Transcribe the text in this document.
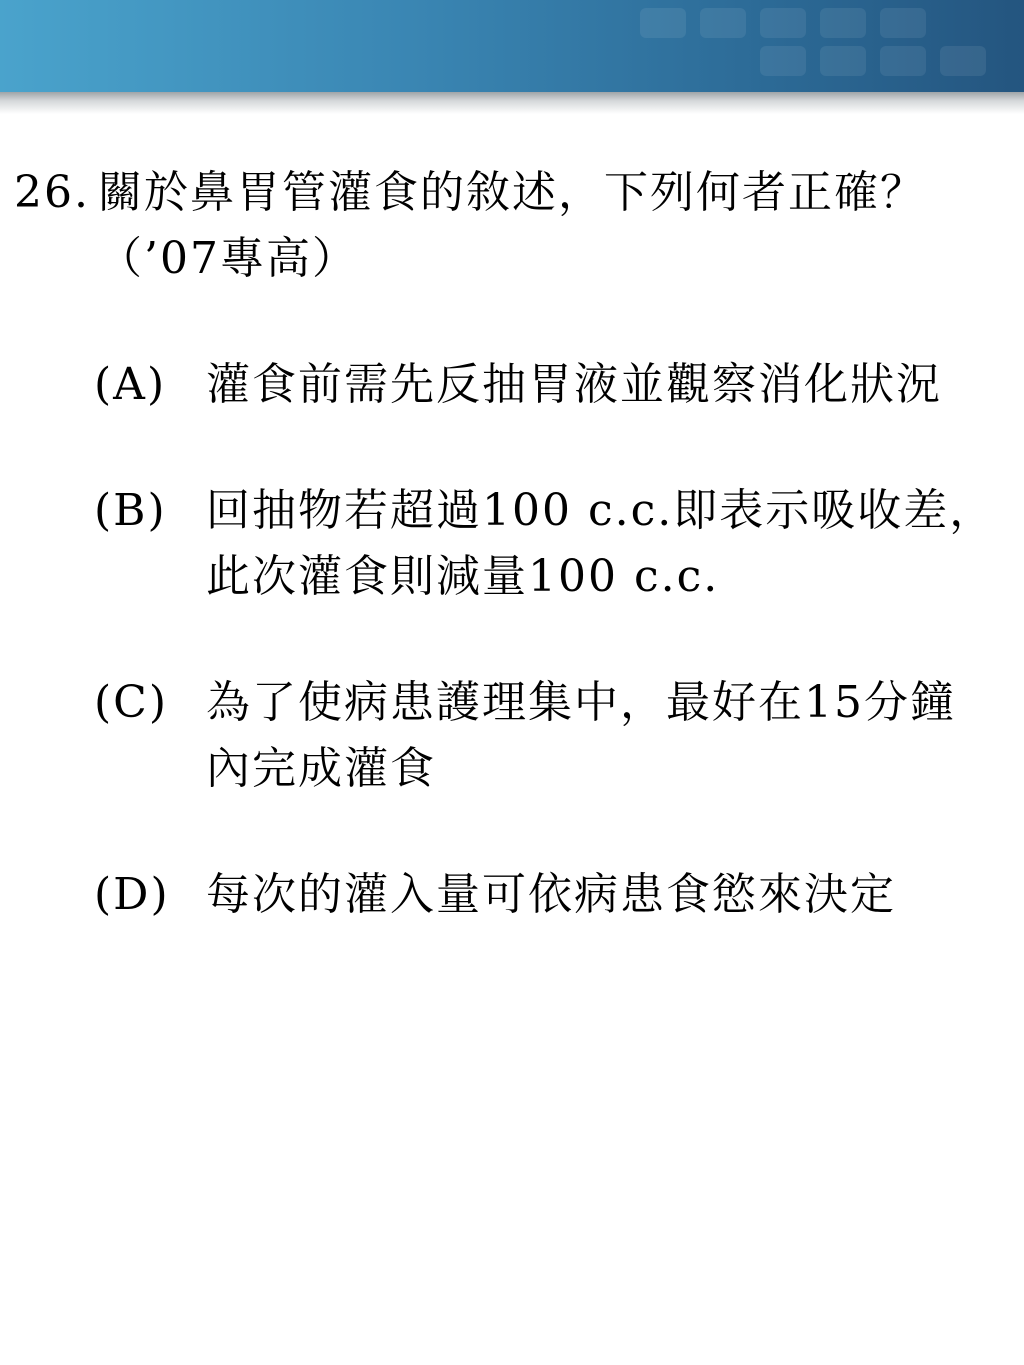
26. 關於鼻胃管灌食的敘述，下列何者正確？（’07專高）
(A) 灌食前需先反抽胃液並觀察消化狀況
(B) 回抽物若超過100 c.c.即表示吸收差，此次灌食則減量100 c.c.
(C) 為了使病患護理集中，最好在15分鐘內完成灌食
(D) 每次的灌入量可依病患食慾來決定
